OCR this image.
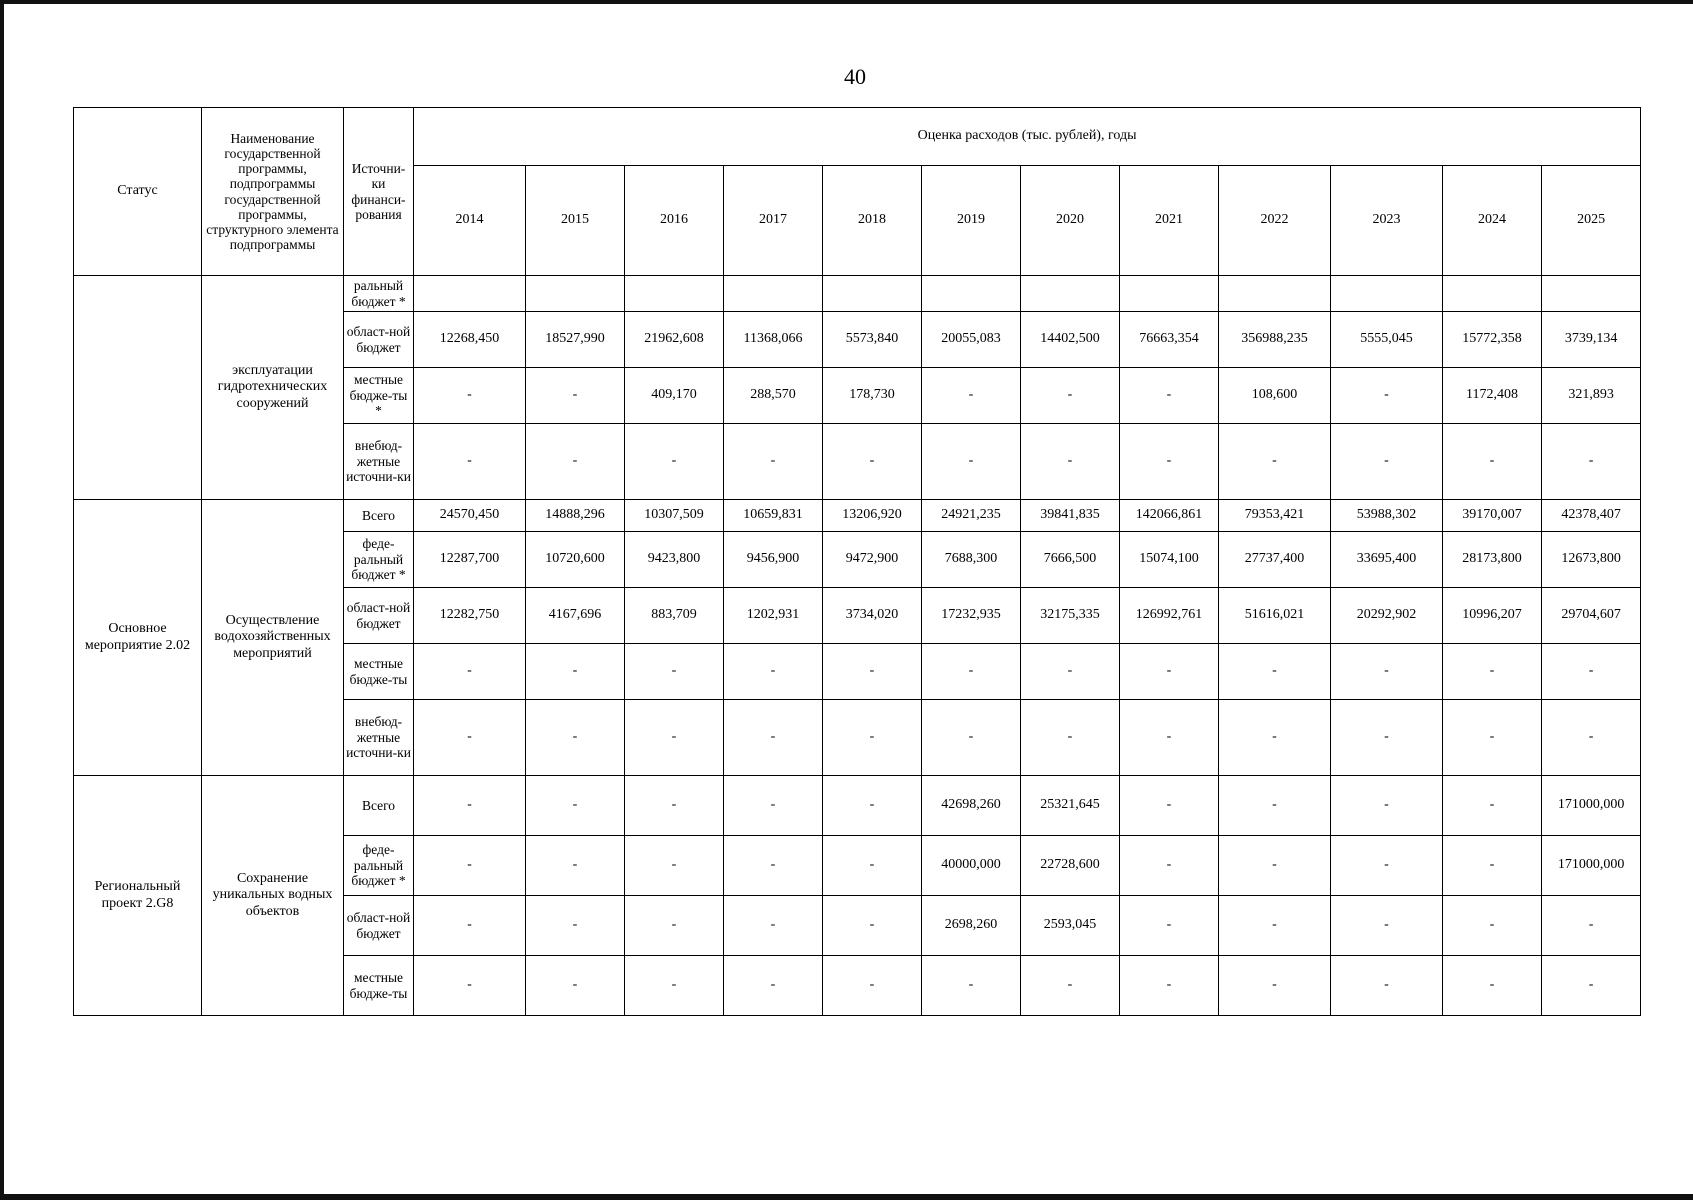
40
Статус	Наименование государственной программы, подпрограммы государственной программы, структурного элемента подпрограммы	Источни-ки финанси-рования	Оценка расходов (тыс. рублей), годы											
			2014	2015	2016	2017	2018	2019	2020	2021	2022	2023	2024	2025
	эксплуатации гидротехнических сооружений	ральный бюджет *												
		област-ной бюджет	12268,450	18527,990	21962,608	11368,066	5573,840	20055,083	14402,500	76663,354	356988,235	5555,045	15772,358	3739,134
		местные бюдже-ты *	-	-	409,170	288,570	178,730	-	-	-	108,600	-	1172,408	321,893
		внебюд-жетные источни-ки	-	-	-	-	-	-	-	-	-	-	-	-
Основное мероприятие 2.02	Осуществление водохозяйственных мероприятий	Всего	24570,450	14888,296	10307,509	10659,831	13206,920	24921,235	39841,835	142066,861	79353,421	53988,302	39170,007	42378,407
		феде-ральный бюджет *	12287,700	10720,600	9423,800	9456,900	9472,900	7688,300	7666,500	15074,100	27737,400	33695,400	28173,800	12673,800
		област-ной бюджет	12282,750	4167,696	883,709	1202,931	3734,020	17232,935	32175,335	126992,761	51616,021	20292,902	10996,207	29704,607
		местные бюдже-ты	-	-	-	-	-	-	-	-	-	-	-	-
		внебюд-жетные источни-ки	-	-	-	-	-	-	-	-	-	-	-	-
Региональный проект 2.G8	Сохранение уникальных водных объектов	Всего	-	-	-	-	-	42698,260	25321,645	-	-	-	-	171000,000
		феде-ральный бюджет *	-	-	-	-	-	40000,000	22728,600	-	-	-	-	171000,000
		област-ной бюджет	-	-	-	-	-	2698,260	2593,045	-	-	-	-	-
		местные бюдже-ты	-	-	-	-	-	-	-	-	-	-	-	-
